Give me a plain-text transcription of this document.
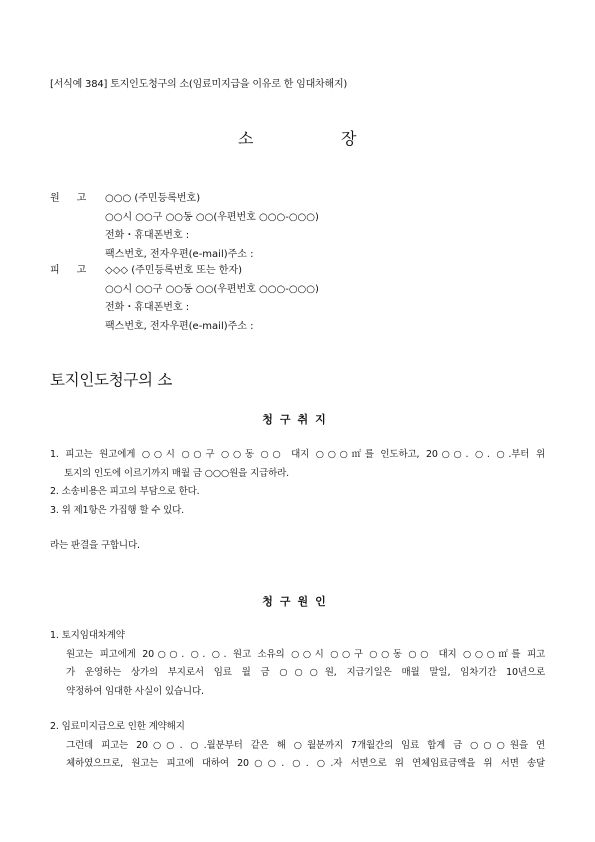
[서식예 384] 토지인도청구의 소(임료미지급을 이유로 한 임대차해지)
소	장
원고 ○○○ (주민등록번호)
○○시 ○○구 ○○동 ○○(우편번호 ○○○-○○○)
전화・휴대폰번호 :
팩스번호, 전자우편(e-mail)주소 :
피고 ◇◇◇ (주민등록번호 또는 한자)
○○시 ○○구 ○○동 ○○(우편번호 ○○○-○○○)
전화・휴대폰번호 :
팩스번호, 전자우편(e-mail)주소 :
토지인도청구의 소
청구취지
1. 피고는 원고에게 ○○시 ○○구 ○○동 ○○ 대지 ○○○㎡를 인도하고, 20○○. ○. ○.부터 위
토지의 인도에 이르기까지 매월 금 ○○○원을 지급하라.
2. 소송비용은 피고의 부담으로 한다.
3. 위 제1항은 가집행 할 수 있다.
라는 판결을 구합니다.
청구원인
1. 토지임대차계약
원고는 피고에게 20○○. ○. ○. 원고 소유의 ○○시 ○○구 ○○동 ○○ 대지 ○○○㎡를 피고
가 운영하는 상가의 부지로서 임료 월 금 ○○○원, 지급기일은 매월 말일, 임차기간 10년으로
약정하여 임대한 사실이 있습니다.
2. 임료미지급으로 인한 계약해지
그런데 피고는 20○○. ○.월분부터 같은 해 ○월분까지 7개월간의 임료 합계 금 ○○○원을 연
체하였으므로, 원고는 피고에 대하여 20○○. ○. ○.자 서면으로 위 연체임료금액을 위 서면 송달
